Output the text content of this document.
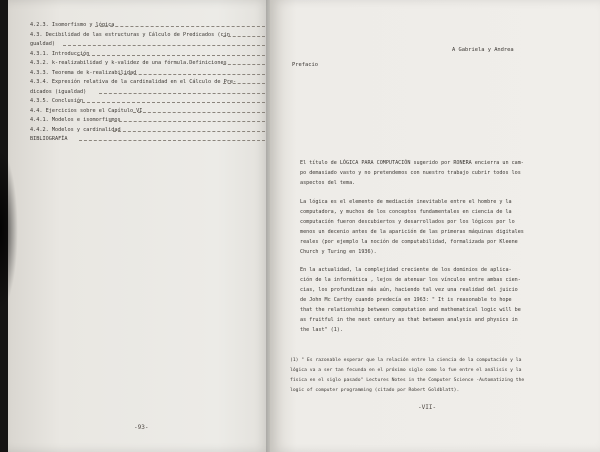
4.2.3. Isomorfismo y lógica
4.3. Decibilidad de las estructuras y Cálculo de Predicados (cin
gualdad)
4.3.1. Introducción
4.3.2. k-realizabilidad y k-validez de una fórmula.Definiciones
4.3.3. Teorema de k-realizabilidad
4.3.4. Expresión relativa de la cardinalidad en el Cálculo de Pre-
dicados (igualdad)
4.3.5. Conclusión
4.4. Ejercicios sobre el Capítulo VI
4.4.1. Modelos e isomorfismos
4.4.2. Modelos y cardinalidad
BIBLIOGRAFÍA
-93-
A Gabriela y Andrea
Prefacio
El título de LÓGICA PARA COMPUTACIÓN sugerido por RONERA encierra un cam-
po demasiado vasto y no pretendemos con nuestro trabajo cubrir todos los
aspectos del tema.
La lógica es el elemento de mediación inevitable entre el hombre y la
computadora, y muchos de los conceptos fundamentales en ciencia de la
computación fueron descubiertos y desarrollados por los lógicos por lo
menos un decenio antes de la aparición de las primeras máquinas digitales
reales (por ejemplo la noción de computabilidad, formalizada por Kleene
Church y Turing en 1936).
En la actualidad, la complejidad creciente de los dominios de aplica-
ción de la informática , lejos de atenuar los vínculos entre ambas cien-
cias, los profundizan más aún, haciendo tal vez una realidad del juicio
de John Mc Carthy cuando predecía en 1963: " It is reasonable to hope
that the relationship between computation and mathematical logic will be
as fruitful in the next century as that between analysis and physics in
the last" (1).
(1) " Es razonable esperar que la relación entre la ciencia de la computación y la
lógica va a ser tan fecunda en el próximo siglo como lo fue entre el análisis y la
física en el siglo pasado" Lectures Notes in the Computer Science -Automatizing the
logic of computer programming (citado por Robert Goldblatt).
-VII-
